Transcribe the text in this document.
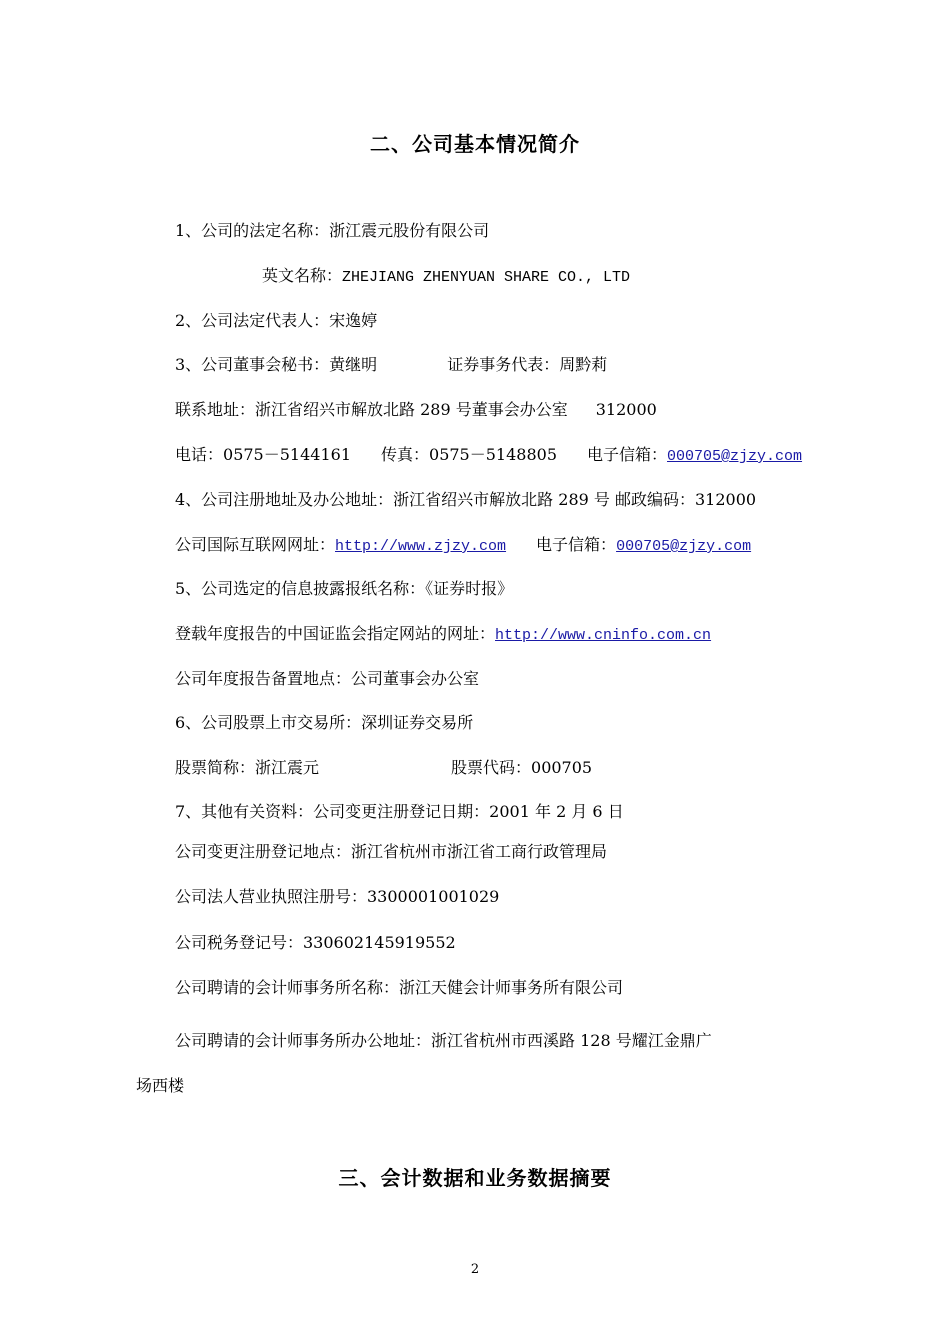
二、公司基本情况简介
1、公司的法定名称：浙江震元股份有限公司
英文名称：ZHEJIANG ZHENYUAN SHARE CO., LTD
2、公司法定代表人：宋逸婷
3、公司董事会秘书：黄继明	证券事务代表：周黔莉
联系地址：浙江省绍兴市解放北路 289 号董事会办公室 312000
电话：0575－5144161 传真：0575－5148805 电子信箱：000705@zjzy.com
4、公司注册地址及办公地址：浙江省绍兴市解放北路 289 号 邮政编码：312000
公司国际互联网网址：http://www.zjzy.com 电子信箱：000705@zjzy.com
5、公司选定的信息披露报纸名称：《证券时报》
登载年度报告的中国证监会指定网站的网址：http://www.cninfo.com.cn
公司年度报告备置地点：公司董事会办公室
6、公司股票上市交易所：深圳证券交易所
股票简称：浙江震元	股票代码：000705
7、其他有关资料：公司变更注册登记日期：2001 年 2 月 6 日
公司变更注册登记地点：浙江省杭州市浙江省工商行政管理局
公司法人营业执照注册号：3300001001029
公司税务登记号：330602145919552
公司聘请的会计师事务所名称：浙江天健会计师事务所有限公司
公司聘请的会计师事务所办公地址：浙江省杭州市西溪路 128 号耀江金鼎广
场西楼
三、会计数据和业务数据摘要
2
